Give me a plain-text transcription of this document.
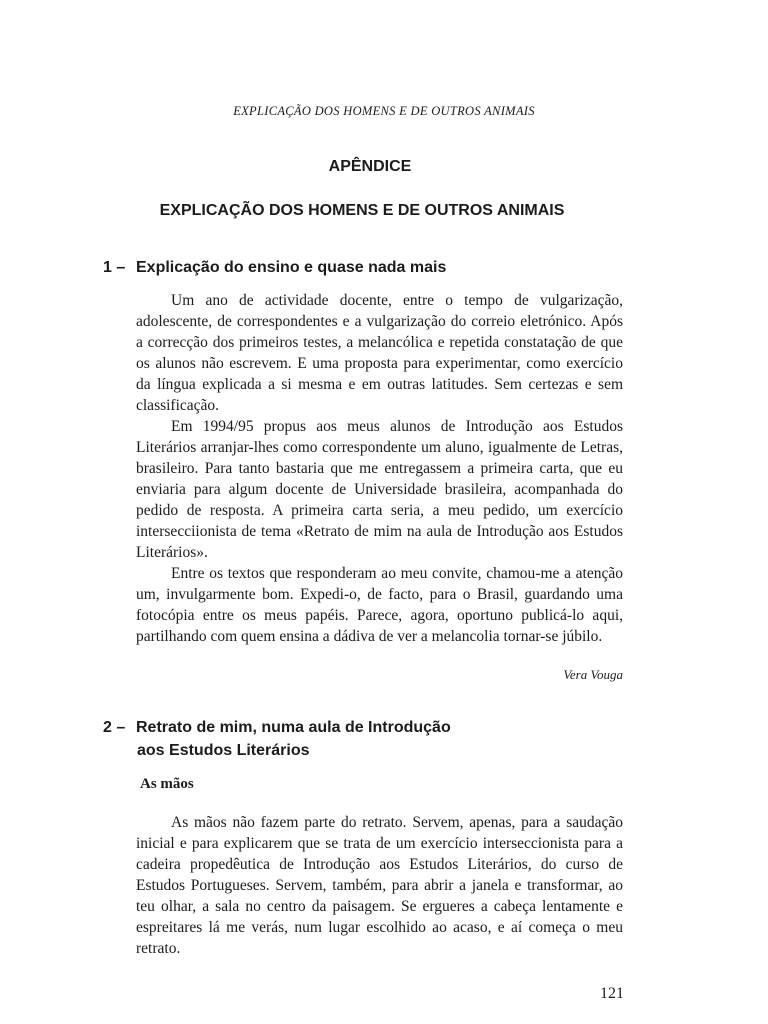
EXPLICAÇÃO DOS HOMENS E DE OUTROS ANIMAIS
APÊNDICE
EXPLICAÇÃO DOS HOMENS E DE OUTROS ANIMAIS
1 – Explicação do ensino e quase nada mais

Um ano de actividade docente, entre o tempo de vulgarização, adolescente, de correspondentes e a vulgarização do correio eletrónico. Após a correcção dos primeiros testes, a melancólica e repetida constatação de que os alunos não escrevem. E uma proposta para experimentar, como exercício da língua explicada a si mesma e em outras latitudes. Sem certezas e sem classificação.

Em 1994/95 propus aos meus alunos de Introdução aos Estudos Literários arranjar-lhes como correspondente um aluno, igualmente de Letras, brasileiro. Para tanto bastaria que me entregassem a primeira carta, que eu enviaria para algum docente de Universidade brasileira, acompanhada do pedido de resposta. A primeira carta seria, a meu pedido, um exercício intersecciionista de tema «Retrato de mim na aula de Introdução aos Estudos Literários».

Entre os textos que responderam ao meu convite, chamou-me a atenção um, invulgarmente bom. Expedi-o, de facto, para o Brasil, guardando uma fotocópia entre os meus papéis. Parece, agora, oportuno publicá-lo aqui, partilhando com quem ensina a dádiva de ver a melancolia tornar-se júbilo.

Vera Vouga
2 – Retrato de mim, numa aula de Introdução
aos Estudos Literários
As mãos

As mãos não fazem parte do retrato. Servem, apenas, para a saudação inicial e para explicarem que se trata de um exercício interseccionista para a cadeira propedêutica de Introdução aos Estudos Literários, do curso de Estudos Portugueses. Servem, também, para abrir a janela e transformar, ao teu olhar, a sala no centro da paisagem. Se ergueres a cabeça lentamente e espreitares lá me verás, num lugar escolhido ao acaso, e aí começa o meu retrato.

121
